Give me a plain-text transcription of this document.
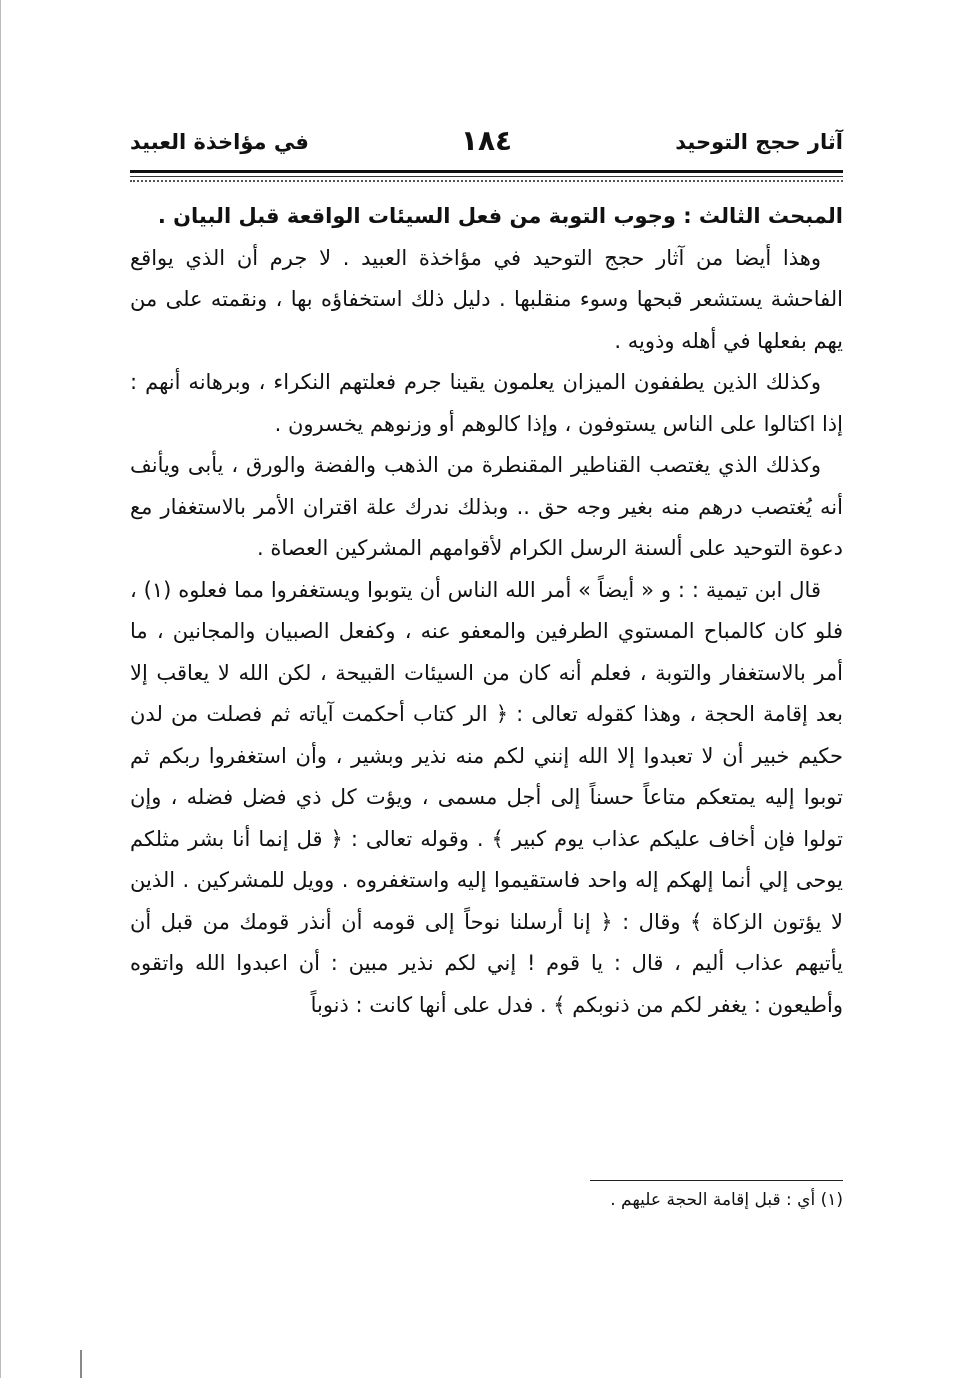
آثار حجج التوحيد
١٨٤
في مؤاخذة العبيد

المبحث الثالث : وجوب التوبة من فعل السيئات الواقعة قبل البيان .

وهذا أيضا من آثار حجج التوحيد في مؤاخذة العبيد . لا جرم أن الذي يواقع الفاحشة يستشعر قبحها وسوء منقلبها . دليل ذلك استخفاؤه بها ، ونقمته على من يهم بفعلها في أهله وذويه .

وكذلك الذين يطففون الميزان يعلمون يقينا جرم فعلتهم النكراء ، وبرهانه أنهم : إذا اكتالوا على الناس يستوفون ، وإذا كالوهم أو وزنوهم يخسرون .

وكذلك الذي يغتصب القناطير المقنطرة من الذهب والفضة والورق ، يأبى ويأنف أنه يُغتصب درهم منه بغير وجه حق .. وبذلك ندرك علة اقتران الأمر بالاستغفار مع دعوة التوحيد على ألسنة الرسل الكرام لأقوامهم المشركين العصاة .

قال ابن تيمية : : و « أيضاً » أمر الله الناس أن يتوبوا ويستغفروا مما فعلوه (١) ، فلو كان كالمباح المستوي الطرفين والمعفو عنه ، وكفعل الصبيان والمجانين ، ما أمر بالاستغفار والتوبة ، فعلم أنه كان من السيئات القبيحة ، لكن الله لا يعاقب إلا بعد إقامة الحجة ، وهذا كقوله تعالى : ﴿ الر كتاب أحكمت آياته ثم فصلت من لدن حكيم خبير أن لا تعبدوا إلا الله إنني لكم منه نذير وبشير ، وأن استغفروا ربكم ثم توبوا إليه يمتعكم متاعاً حسناً إلى أجل مسمى ، ويؤت كل ذي فضل فضله ، وإن تولوا فإن أخاف عليكم عذاب يوم كبير ﴾ . وقوله تعالى : ﴿ قل إنما أنا بشر مثلكم يوحى إلي أنما إلهكم إله واحد فاستقيموا إليه واستغفروه . وويل للمشركين . الذين لا يؤتون الزكاة ﴾ وقال : ﴿ إنا أرسلنا نوحاً إلى قومه أن أنذر قومك من قبل أن يأتيهم عذاب أليم ، قال : يا قوم ! إني لكم نذير مبين : أن اعبدوا الله واتقوه وأطيعون : يغفر لكم من ذنوبكم ﴾ . فدل على أنها كانت : ذنوباً

(١) أي : قبل إقامة الحجة عليهم .
